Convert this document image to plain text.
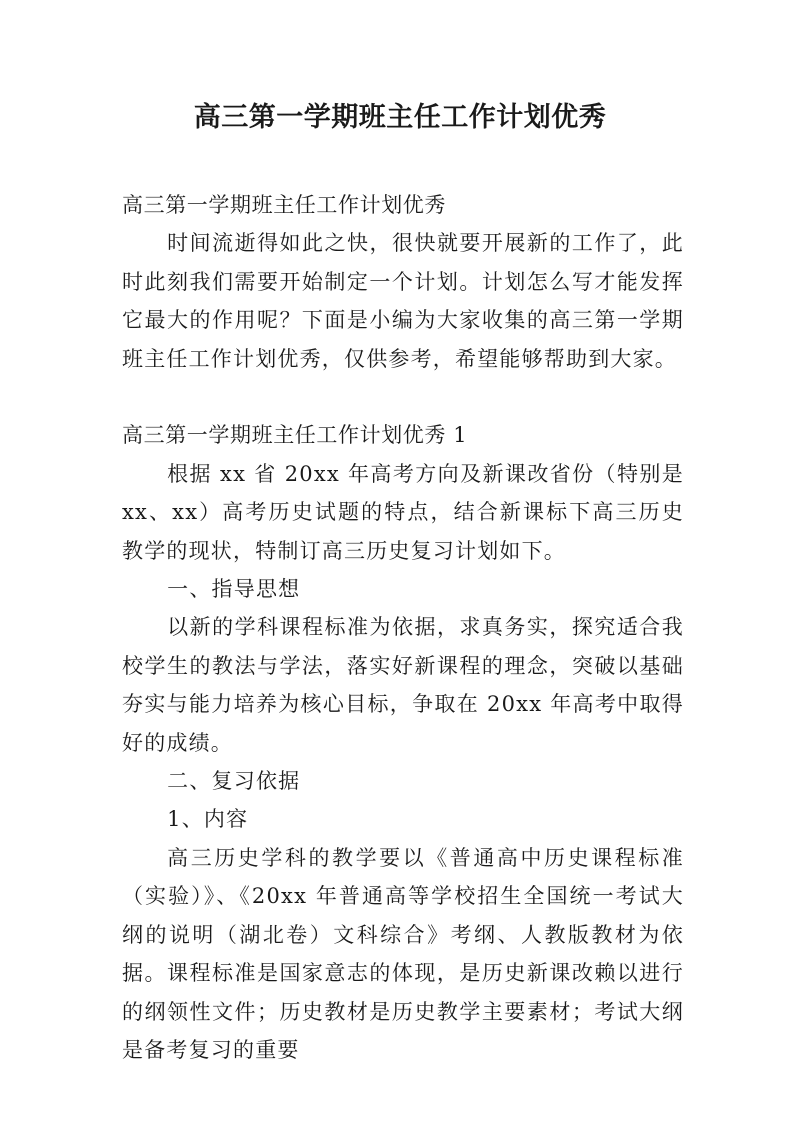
高三第一学期班主任工作计划优秀

高三第一学期班主任工作计划优秀

时间流逝得如此之快，很快就要开展新的工作了，此时此刻我们需要开始制定一个计划。计划怎么写才能发挥它最大的作用呢？下面是小编为大家收集的高三第一学期班主任工作计划优秀，仅供参考，希望能够帮助到大家。

高三第一学期班主任工作计划优秀 1

根据 xx 省 20xx 年高考方向及新课改省份（特别是 xx、xx）高考历史试题的特点，结合新课标下高三历史教学的现状，特制订高三历史复习计划如下。

一、指导思想

以新的学科课程标准为依据，求真务实，探究适合我校学生的教法与学法，落实好新课程的理念，突破以基础夯实与能力培养为核心目标，争取在 20xx 年高考中取得好的成绩。

二、复习依据

1、内容

高三历史学科的教学要以《普通高中历史课程标准（实验）》、《20xx 年普通高等学校招生全国统一考试大纲的说明（湖北卷）文科综合》考纲、人教版教材为依据。课程标准是国家意志的体现，是历史新课改赖以进行的纲领性文件；历史教材是历史教学主要素材；考试大纲是备考复习的重要
